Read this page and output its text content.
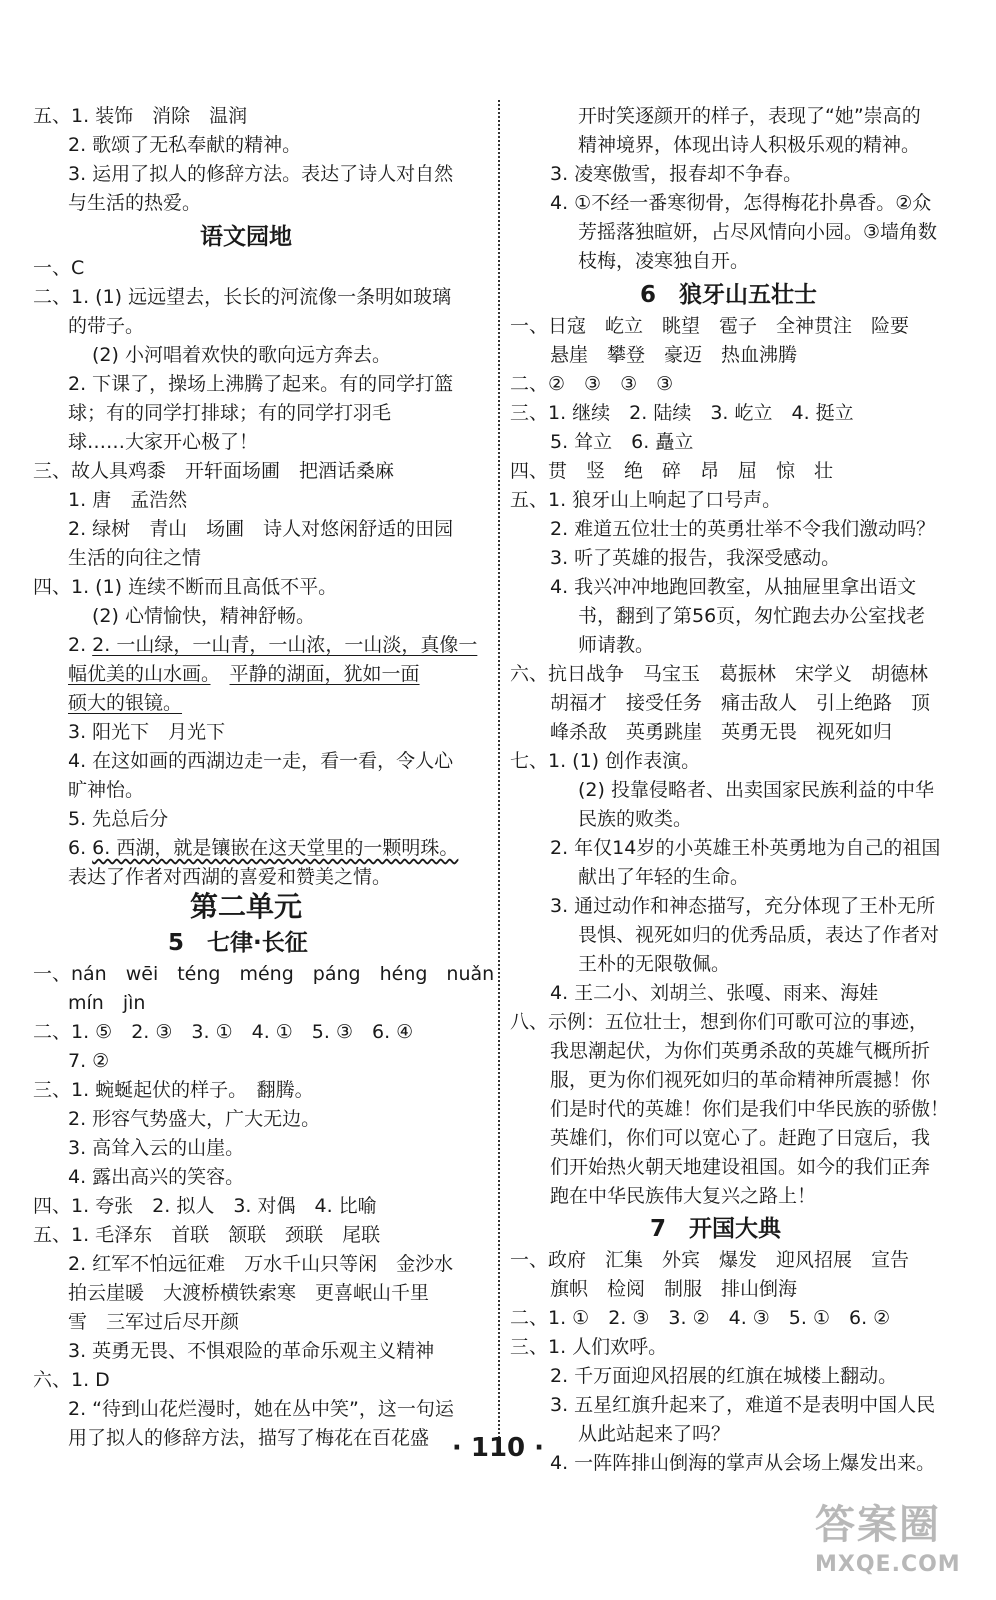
五、1. 装饰　消除　温润
2. 歌颂了无私奉献的精神。
3. 运用了拟人的修辞方法。表达了诗人对自然
与生活的热爱。
语文园地
一、C
二、1. (1) 远远望去，长长的河流像一条明如玻璃
的带子。
(2) 小河唱着欢快的歌向远方奔去。
2. 下课了，操场上沸腾了起来。有的同学打篮
球；有的同学打排球；有的同学打羽毛
球……大家开心极了！
三、故人具鸡黍　开轩面场圃　把酒话桑麻
1. 唐　孟浩然
2. 绿树　青山　场圃　诗人对悠闲舒适的田园
生活的向往之情
四、1. (1) 连续不断而且高低不平。
(2) 心情愉快，精神舒畅。
2. 2. 一山绿，一山青，一山浓，一山淡，真像一
幅优美的山水画。　 平静的湖面，犹如一面
硕大的银镜。
3. 阳光下　月光下
4. 在这如画的西湖边走一走，看一看，令人心
旷神怡。
5. 先总后分
6. 6. 西湖，就是镶嵌在这天堂里的一颗明珠。
表达了作者对西湖的喜爱和赞美之情。
第二单元
5　七律·长征
一、nán　wēi　téng　méng　páng　héng　nuǎn
mín　jìn
二、1. ⑤　2. ③　3. ①　4. ①　5. ③　6. ④
7. ②
三、1. 蜿蜒起伏的样子。　翻腾。
2. 形容气势盛大，广大无边。
3. 高耸入云的山崖。
4. 露出高兴的笑容。
四、1. 夸张　2. 拟人　3. 对偶　4. 比喻
五、1. 毛泽东　首联　颔联　颈联　尾联
2. 红军不怕远征难　万水千山只等闲　金沙水
拍云崖暖　大渡桥横铁索寒　更喜岷山千里
雪　三军过后尽开颜
3. 英勇无畏、不惧艰险的革命乐观主义精神
六、1. D
2. “待到山花烂漫时，她在丛中笑”，这一句运
用了拟人的修辞方法，描写了梅花在百花盛
开时笑逐颜开的样子，表现了“她”崇高的
精神境界，体现出诗人积极乐观的精神。
3. 凌寒傲雪，报春却不争春。
4. ①不经一番寒彻骨，怎得梅花扑鼻香。②众
芳摇落独暄妍，占尽风情向小园。③墙角数
枝梅，凌寒独自开。
6　狼牙山五壮士
一、日寇　屹立　眺望　雹子　全神贯注　险要
悬崖　攀登　豪迈　热血沸腾
二、②　③　③　③
三、1. 继续　2. 陆续　3. 屹立　4. 挺立
5. 耸立　6. 矗立
四、贯　竖　绝　碎　昂　屈　惊　壮
五、1. 狼牙山上响起了口号声。
2. 难道五位壮士的英勇壮举不令我们激动吗？
3. 听了英雄的报告，我深受感动。
4. 我兴冲冲地跑回教室，从抽屉里拿出语文
书，翻到了第56页，匆忙跑去办公室找老
师请教。
六、抗日战争　马宝玉　葛振林　宋学义　胡德林
胡福才　接受任务　痛击敌人　引上绝路　顶
峰杀敌　英勇跳崖　英勇无畏　视死如归
七、1. (1) 创作表演。
(2) 投靠侵略者、出卖国家民族利益的中华
民族的败类。
2. 年仅14岁的小英雄王朴英勇地为自己的祖国
献出了年轻的生命。
3. 通过动作和神态描写，充分体现了王朴无所
畏惧、视死如归的优秀品质，表达了作者对
王朴的无限敬佩。
4. 王二小、刘胡兰、张嘎、雨来、海娃
八、示例：五位壮士，想到你们可歌可泣的事迹，
我思潮起伏，为你们英勇杀敌的英雄气概所折
服，更为你们视死如归的革命精神所震撼！你
们是时代的英雄！你们是我们中华民族的骄傲！
英雄们，你们可以宽心了。赶跑了日寇后，我
们开始热火朝天地建设祖国。如今的我们正奔
跑在中华民族伟大复兴之路上！
7　开国大典
一、政府　汇集　外宾　爆发　迎风招展　宣告
旗帜　检阅　制服　排山倒海
二、1. ①　2. ③　3. ②　4. ③　5. ①　6. ②
三、1. 人们欢呼。
2. 千万面迎风招展的红旗在城楼上翻动。
3. 五星红旗升起来了，难道不是表明中国人民
从此站起来了吗？
4. 一阵阵排山倒海的掌声从会场上爆发出来。
· 110 ·
答案圈
MXQE.COM
